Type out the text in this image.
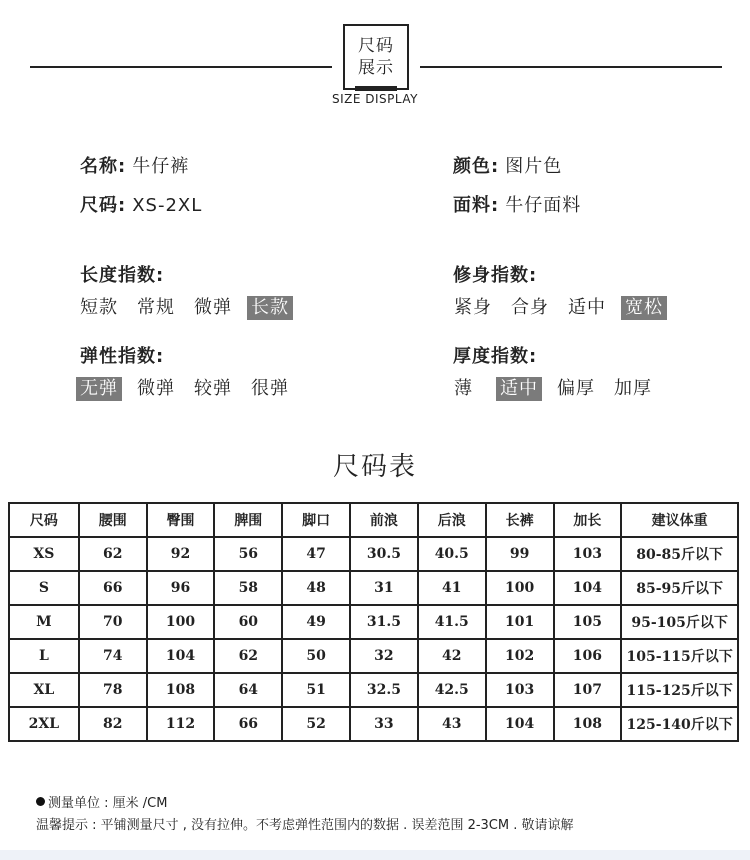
尺码
展示
SIZE DISPLAY
名称: 牛仔裤	颜色: 图片色
尺码: XS-2XL	面料: 牛仔面料
长度指数:
短款 常规 微弹 长款
修身指数:
紧身 合身 适中 宽松
弹性指数:
无弹 微弹 较弹 很弹
厚度指数:
薄 适中 偏厚 加厚
尺码表
尺码	腰围	臀围	脾围	脚口	前浪	后浪	长裤	加长	建议体重
XS	62	92	56	47	30.5	40.5	99	103	80-85斤以下
S	66	96	58	48	31	41	100	104	85-95斤以下
M	70	100	60	49	31.5	41.5	101	105	95-105斤以下
L	74	104	62	50	32	42	102	106	105-115斤以下
XL	78	108	64	51	32.5	42.5	103	107	115-125斤以下
2XL	82	112	66	52	33	43	104	108	125-140斤以下
测量单位 : 厘米 /CM
温馨提示 : 平铺测量尺寸 , 没有拉伸。不考虑弹性范围内的数据 . 误差范围 2-3CM . 敬请谅解
